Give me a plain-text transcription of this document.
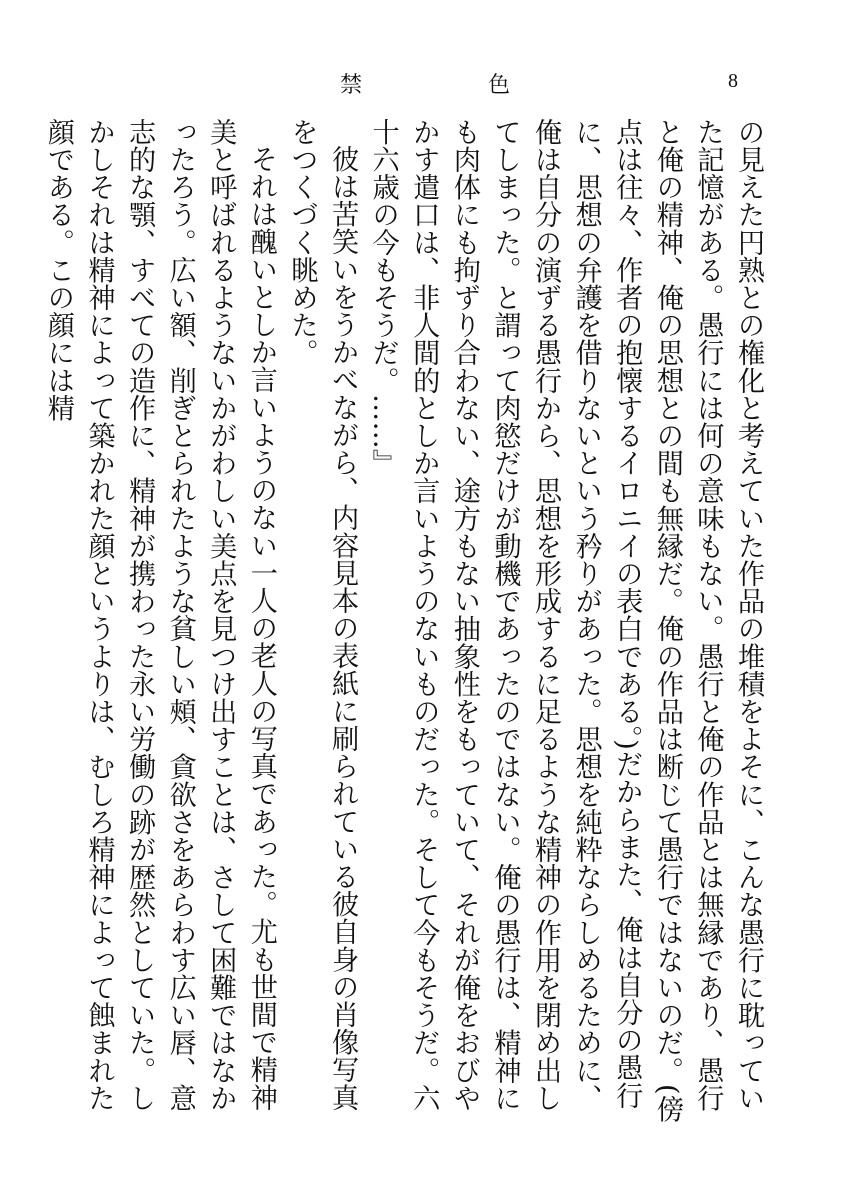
禁	色	8

の見えた円熟との権化と考えていた作品の堆積をよそに、こんな愚行に耽っていた記憶がある。愚行には何の意味もない。愚行と俺の作品とは無縁であり、愚行と俺の精神、俺の思想との間も無縁だ。俺の作品は断じて愚行ではないのだ。(傍点は往々、作者の抱懐するイロニイの表白である。)だからまた、俺は自分の愚行に、思想の弁護を借りないという矜りがあった。思想を純粋ならしめるために、俺は自分の演ずる愚行から、思想を形成するに足るような精神の作用を閉め出してしまった。と謂って肉慾だけが動機であったのではない。俺の愚行は、精神にも肉体にも拘ずり合わない、途方もない抽象性をもっていて、それが俺をおびやかす遣口は、非人間的としか言いようのないものだった。そして今もそうだ。六十六歳の今もそうだ。……』

彼は苦笑いをうかべながら、内容見本の表紙に刷られている彼自身の肖像写真をつくづく眺めた。

それは醜いとしか言いようのない一人の老人の写真であった。尤も世間で精神美と呼ばれるようないかがわしい美点を見つけ出すことは、さして困難ではなかったろう。広い額、削ぎとられたような貧しい頰、貪欲さをあらわす広い唇、意志的な顎、すべての造作に、精神が携わった永い労働の跡が歴然としていた。しかしそれは精神によって築かれた顔というよりは、むしろ精神によって蝕まれた顔である。この顔には精
